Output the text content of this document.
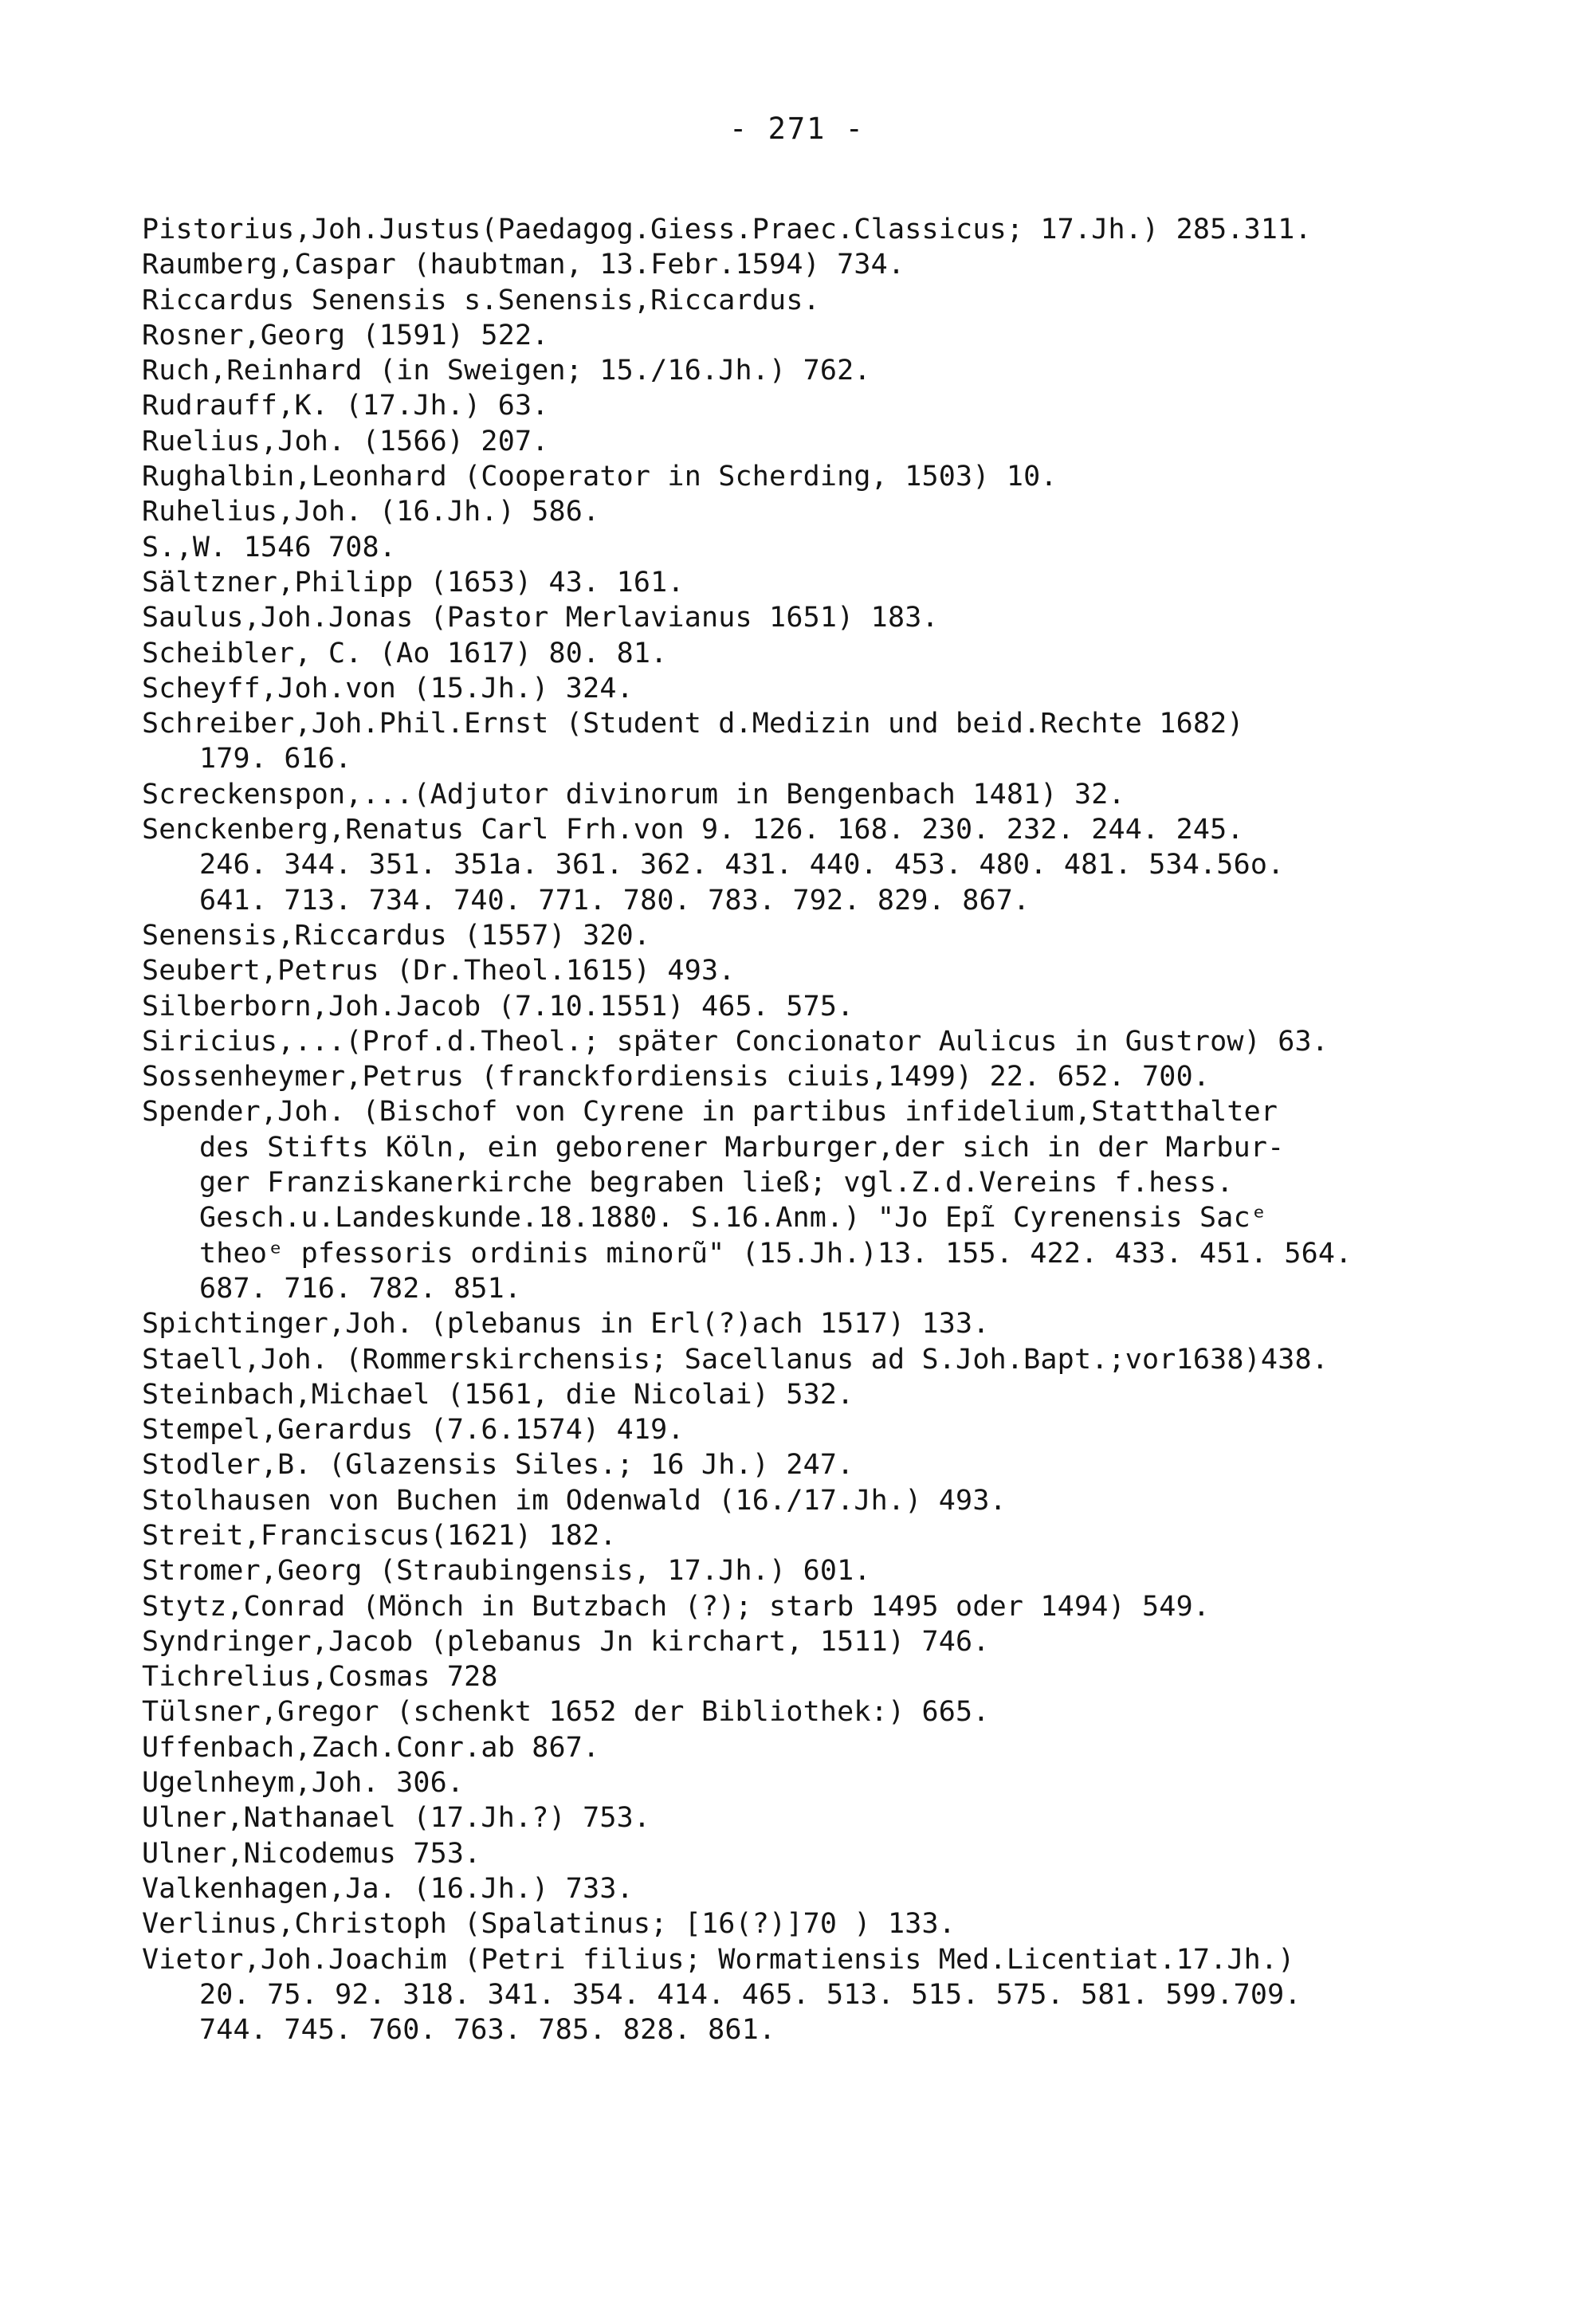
- 271 -
Pistorius,Joh.Justus(Paedagog.Giess.Praec.Classicus; 17.Jh.) 285.311.
Raumberg,Caspar (haubtman, 13.Febr.1594) 734.
Riccardus Senensis s.Senensis,Riccardus.
Rosner,Georg (1591) 522.
Ruch,Reinhard (in Sweigen; 15./16.Jh.) 762.
Rudrauff,K. (17.Jh.) 63.
Ruelius,Joh. (1566) 207.
Rughalbin,Leonhard (Cooperator in Scherding, 1503) 10.
Ruhelius,Joh. (16.Jh.) 586.
S.,W. 1546 708.
Sältzner,Philipp (1653) 43. 161.
Saulus,Joh.Jonas (Pastor Merlavianus 1651) 183.
Scheibler, C. (Ao 1617) 80. 81.
Scheyff,Joh.von (15.Jh.) 324.
Schreiber,Joh.Phil.Ernst (Student d.Medizin und beid.Rechte 1682)
179. 616.
Screckenspon,...(Adjutor divinorum in Bengenbach 1481) 32.
Senckenberg,Renatus Carl Frh.von 9. 126. 168. 230. 232. 244. 245.
246. 344. 351. 351a. 361. 362. 431. 440. 453. 480. 481. 534.56o.
641. 713. 734. 740. 771. 780. 783. 792. 829. 867.
Senensis,Riccardus (1557) 320.
Seubert,Petrus (Dr.Theol.1615) 493.
Silberborn,Joh.Jacob (7.10.1551) 465. 575.
Siricius,...(Prof.d.Theol.; später Concionator Aulicus in Gustrow) 63.
Sossenheymer,Petrus (franckfordiensis ciuis,1499) 22. 652. 700.
Spender,Joh. (Bischof von Cyrene in partibus infidelium,Statthalter
des Stifts Köln, ein geborener Marburger,der sich in der Marbur-
ger Franziskanerkirche begraben ließ; vgl.Z.d.Vereins f.hess.
Gesch.u.Landeskunde.18.1880. S.16.Anm.) "Jo Epĩ Cyrenensis Sacᵉ
theoᵉ pfessoris ordinis minorũ" (15.Jh.)13. 155. 422. 433. 451. 564.
687. 716. 782. 851.
Spichtinger,Joh. (plebanus in Erl(?)ach 1517) 133.
Staell,Joh. (Rommerskirchensis; Sacellanus ad S.Joh.Bapt.;vor1638)438.
Steinbach,Michael (1561, die Nicolai) 532.
Stempel,Gerardus (7.6.1574) 419.
Stodler,B. (Glazensis Siles.; 16 Jh.) 247.
Stolhausen von Buchen im Odenwald (16./17.Jh.) 493.
Streit,Franciscus(1621) 182.
Stromer,Georg (Straubingensis, 17.Jh.) 601.
Stytz,Conrad (Mönch in Butzbach (?); starb 1495 oder 1494) 549.
Syndringer,Jacob (plebanus Jn kirchart, 1511) 746.
Tichrelius,Cosmas 728
Tülsner,Gregor (schenkt 1652 der Bibliothek:) 665.
Uffenbach,Zach.Conr.ab 867.
Ugelnheym,Joh. 306.
Ulner,Nathanael (17.Jh.?) 753.
Ulner,Nicodemus 753.
Valkenhagen,Ja. (16.Jh.) 733.
Verlinus,Christoph (Spalatinus; [16(?)]70 ) 133.
Vietor,Joh.Joachim (Petri filius; Wormatiensis Med.Licentiat.17.Jh.)
20. 75. 92. 318. 341. 354. 414. 465. 513. 515. 575. 581. 599.709.
744. 745. 760. 763. 785. 828. 861.
